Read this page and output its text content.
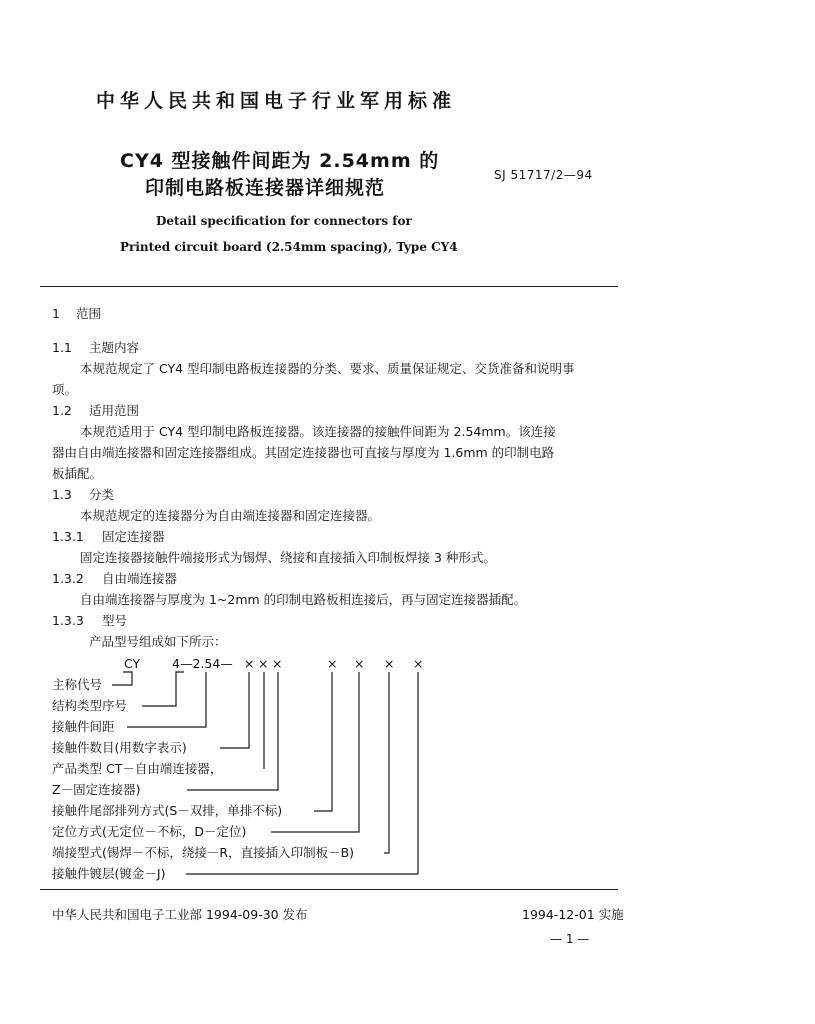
中华人民共和国电子行业军用标准
CY4 型接触件间距为 2.54mm 的
印制电路板连接器详细规范
SJ 51717/2—94
Detail specification for connectors for
Printed circuit board (2.54mm spacing), Type CY4
1 范围
1.1 主题内容
本规范规定了 CY4 型印制电路板连接器的分类、要求、质量保证规定、交货准备和说明事
项。
1.2 适用范围
本规范适用于 CY4 型印制电路板连接器。该连接器的接触件间距为 2.54mm。该连接
器由自由端连接器和固定连接器组成。其固定连接器也可直接与厚度为 1.6mm 的印制电路
板插配。
1.3 分类
本规范规定的连接器分为自由端连接器和固定连接器。
1.3.1 固定连接器
固定连接器接触件端接形式为锡焊、绕接和直接插入印制板焊接 3 种形式。
1.3.2 自由端连接器
自由端连接器与厚度为 1~2mm 的印制电路板相连接后，再与固定连接器插配。
1.3.3 型号
产品型号组成如下所示：
CY	4—2.54— × × ×	× × × ×
主称代号
结构类型序号
接触件间距
接触件数目(用数字表示)
产品类型 CT－自由端连接器，
Z－固定连接器)
接触件尾部排列方式(S－双排，单排不标)
定位方式(无定位－不标，D－定位)
端接型式(锡焊－不标，绕接－R，直接插入印制板－B)
接触件镀层(镀金－J)
中华人民共和国电子工业部 1994-09-30 发布	1994-12-01 实施
— 1 —
